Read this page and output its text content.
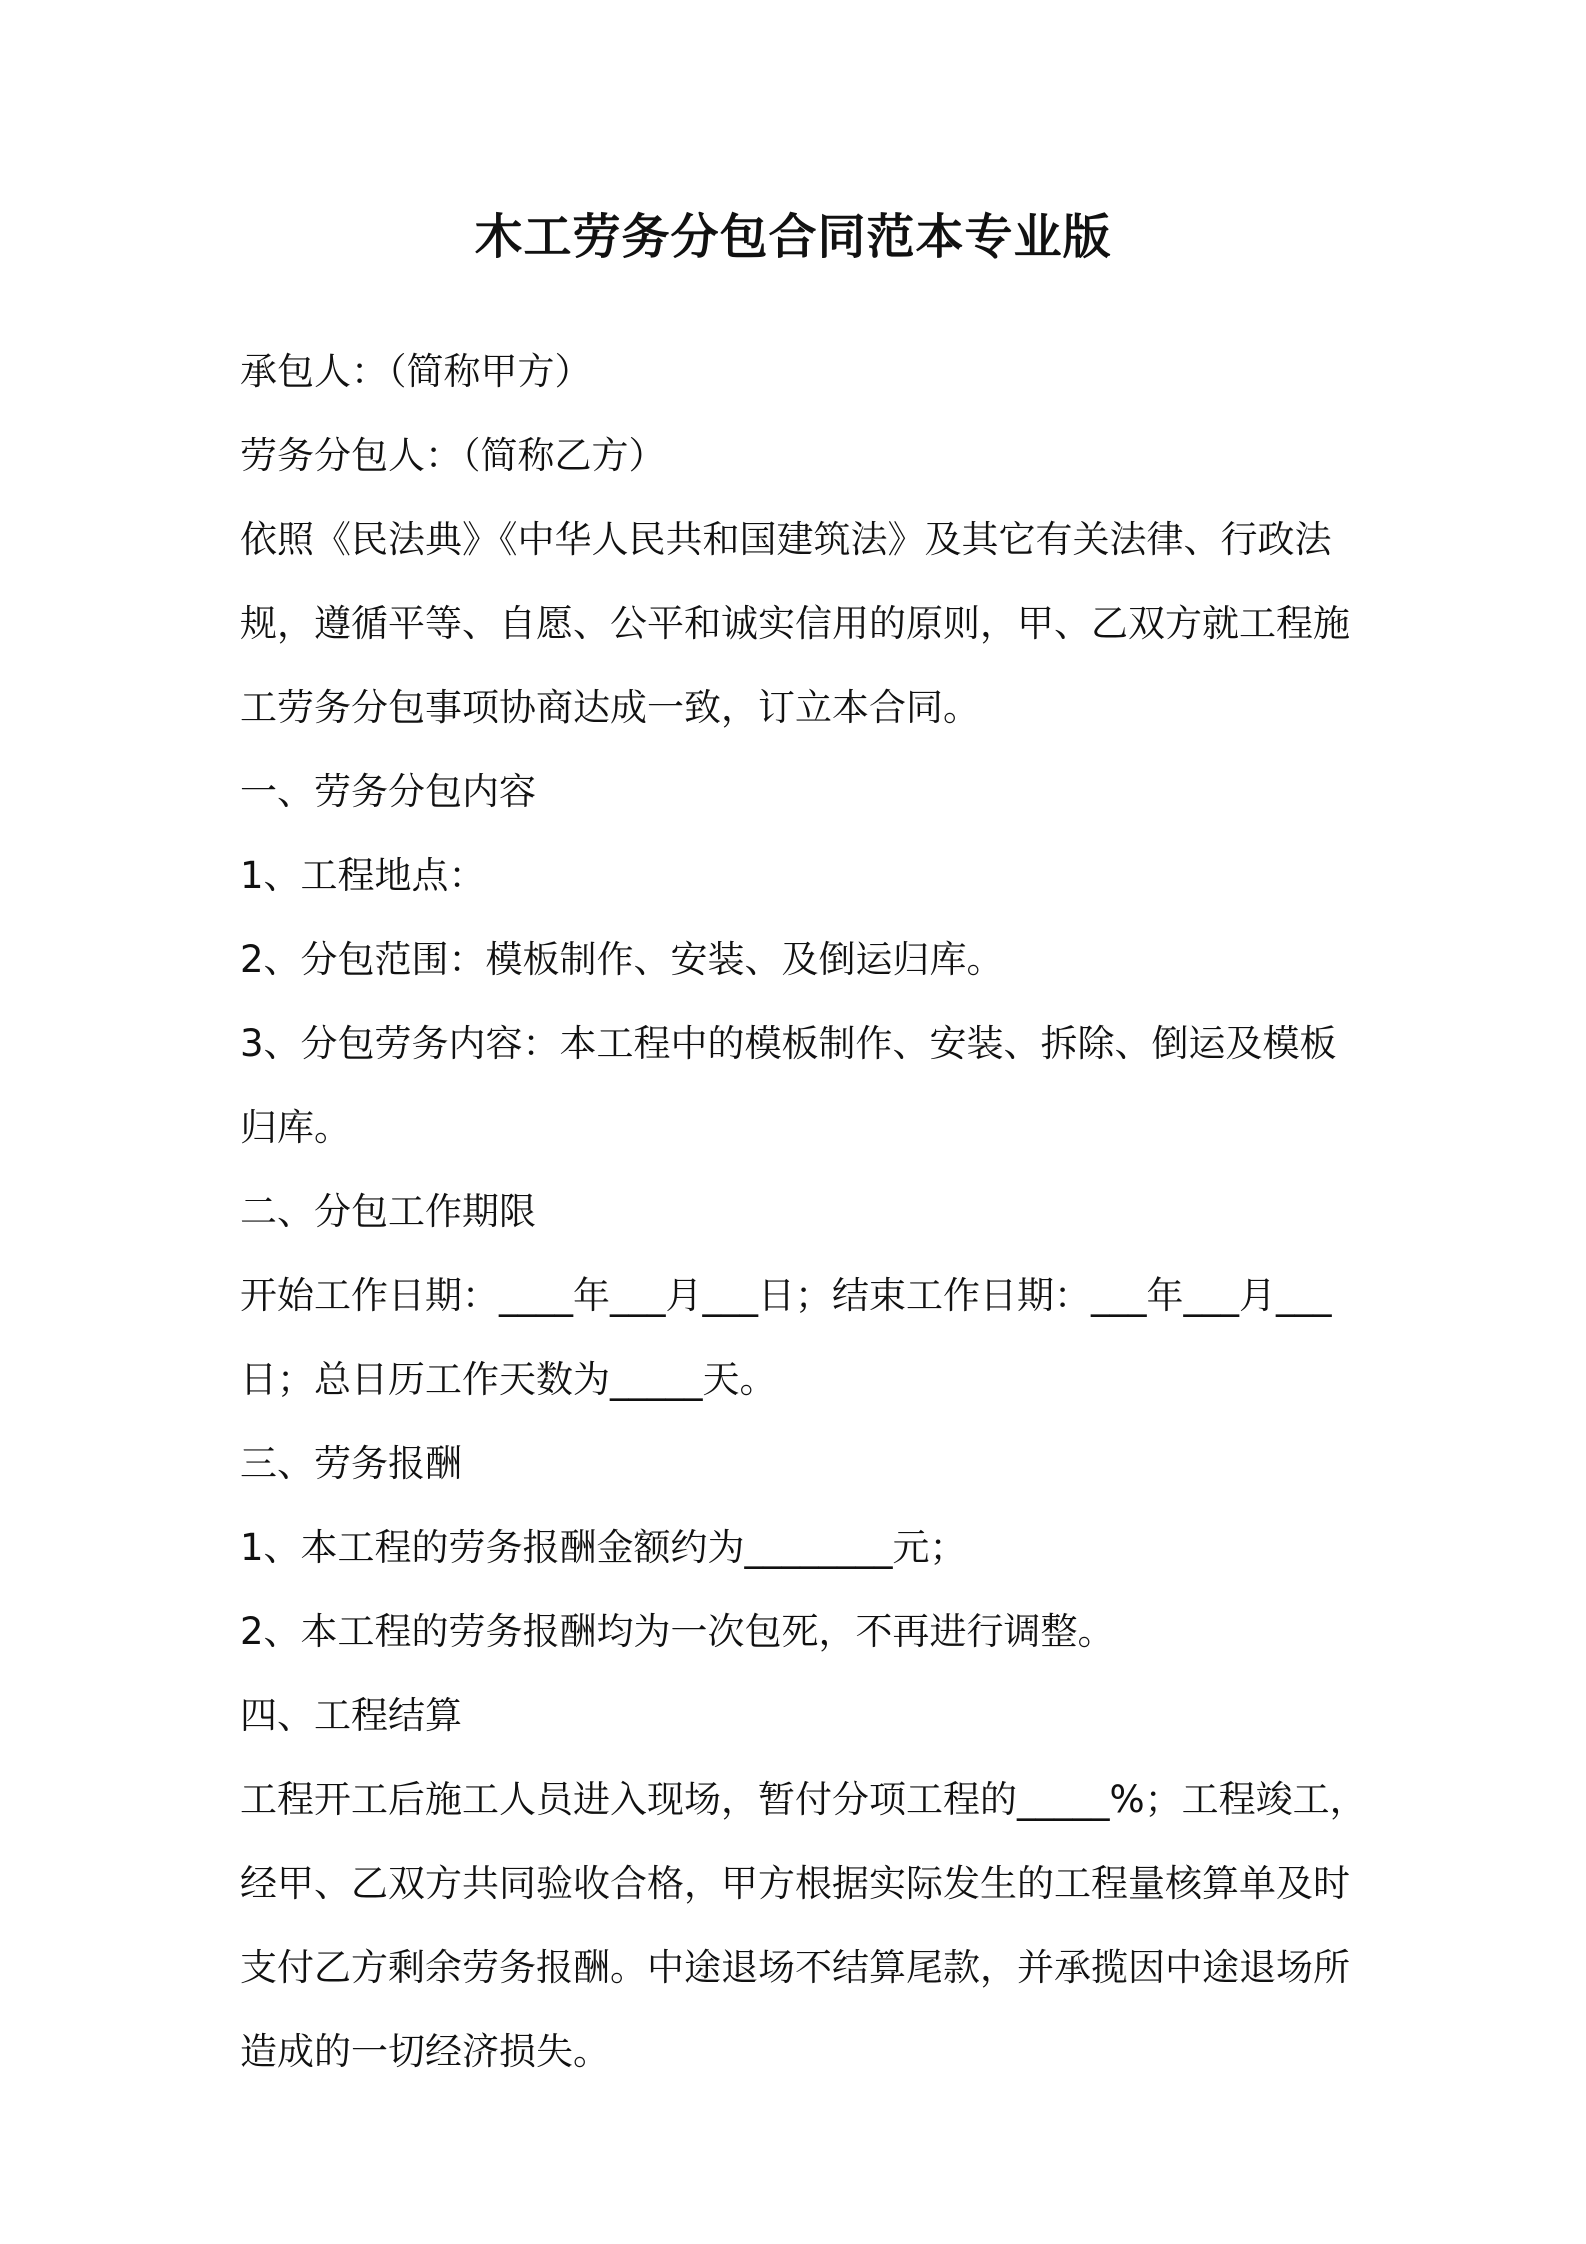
木工劳务分包合同范本专业版

承包人：（简称甲方）

劳务分包人：（简称乙方）

依照《民法典》《中华人民共和国建筑法》及其它有关法律、行政法规，遵循平等、自愿、公平和诚实信用的原则，甲、乙双方就工程施工劳务分包事项协商达成一致，订立本合同。

一、劳务分包内容

1、工程地点：

2、分包范围：模板制作、安装、及倒运归库。

3、分包劳务内容：本工程中的模板制作、安装、拆除、倒运及模板归库。

二、分包工作期限

开始工作日期：____年___月___日；结束工作日期：___年___月___日；总日历工作天数为_____天。

三、劳务报酬

1、本工程的劳务报酬金额约为________元；

2、本工程的劳务报酬均为一次包死，不再进行调整。

四、工程结算

工程开工后施工人员进入现场，暂付分项工程的_____%；工程竣工，经甲、乙双方共同验收合格，甲方根据实际发生的工程量核算单及时支付乙方剩余劳务报酬。中途退场不结算尾款，并承揽因中途退场所造成的一切经济损失。
